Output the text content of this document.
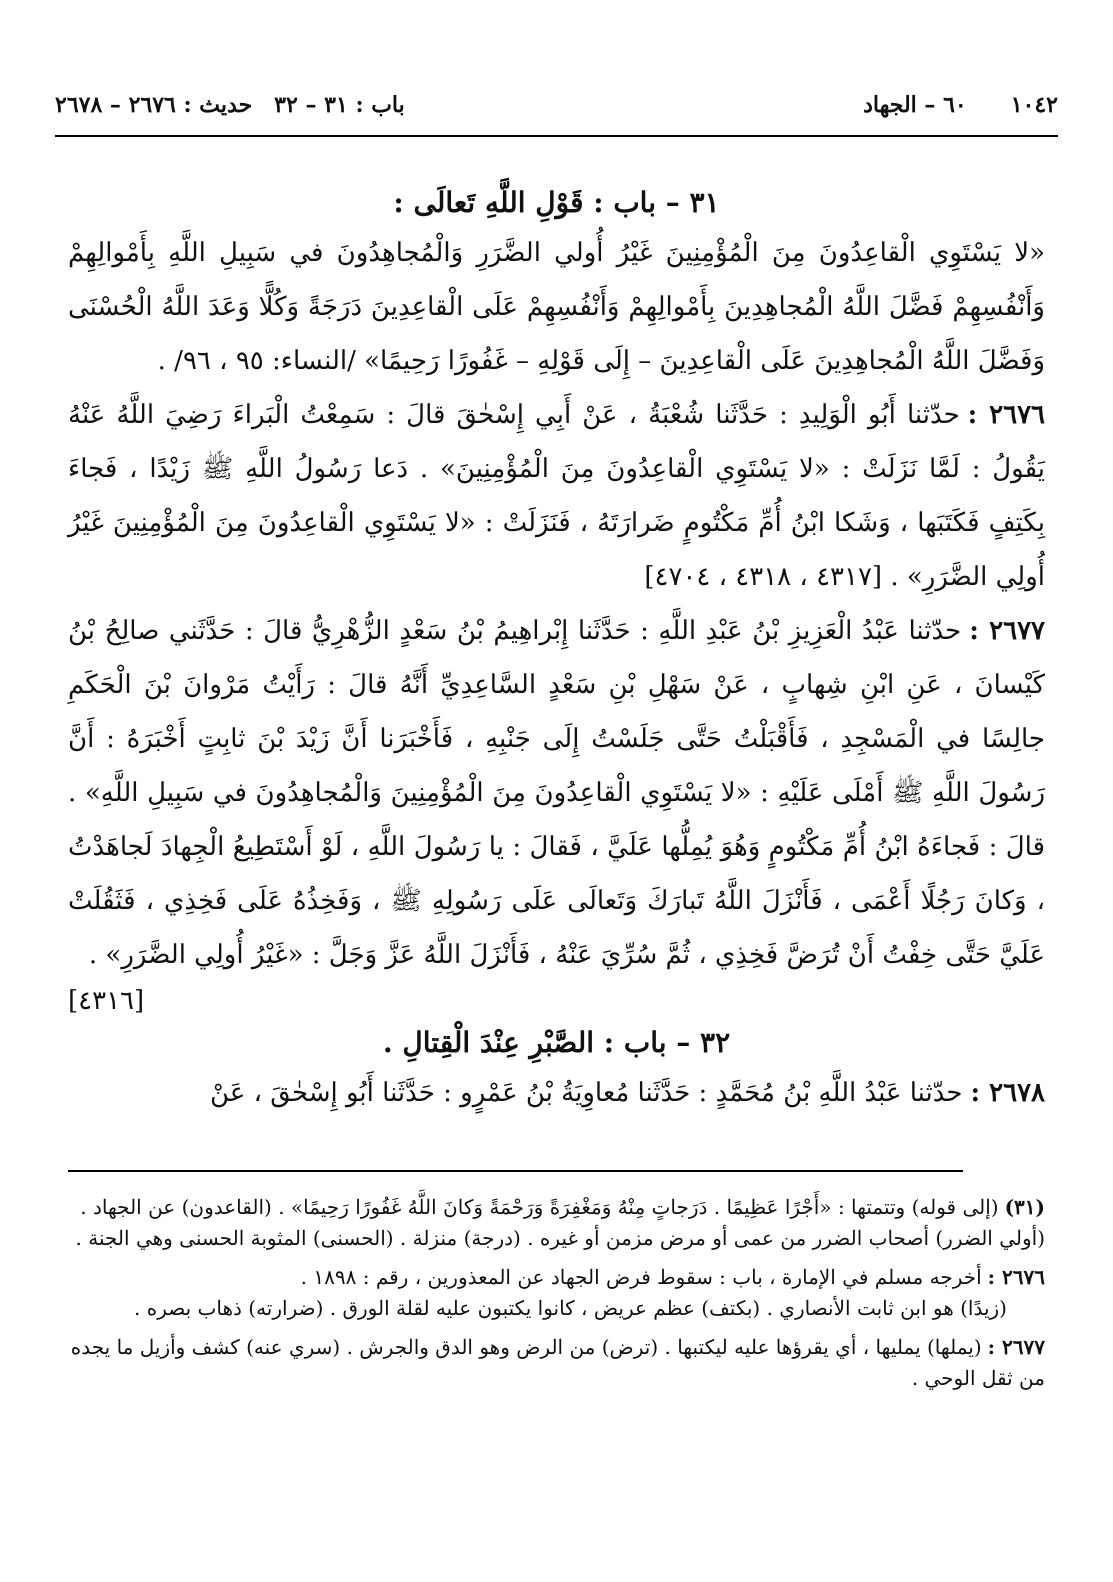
١٠٤٢
٦٠ – الجهاد
باب : ٣١ – ٣٢
حديث : ٢٦٧٦ – ٢٦٧٨
٣١ – باب : قَوْلِ اللَّهِ تَعالَى :
«لا يَسْتَوِي الْقاعِدُونَ مِنَ الْمُؤْمِنِينَ غَيْرُ أُولي الضَّرَرِ وَالْمُجاهِدُونَ في سَبِيلِ اللَّهِ بِأَمْوالِهِمْ وَأَنْفُسِهِمْ فَضَّلَ اللَّهُ الْمُجاهِدِينَ بِأَمْوالِهِمْ وَأَنْفُسِهِمْ عَلَى الْقاعِدِينَ دَرَجَةً وَكُلًّا وَعَدَ اللَّهُ الْحُسْنَى وَفَضَّلَ اللَّهُ الْمُجاهِدِينَ عَلَى الْقاعِدِينَ – إِلَى قَوْلِهِ – غَفُورًا رَحِيمًا» /النساء: ٩٥ ، ٩٦/ .
٢٦٧٦ :حدّثنا أَبُو الْوَلِيدِ : حَدَّثَنا شُعْبَةُ ، عَنْ أَبِي إِسْحٰقَ قالَ : سَمِعْتُ الْبَراءَ رَضِيَ اللَّهُ عَنْهُ يَقُولُ : لَمَّا نَزَلَتْ : «لا يَسْتَوِي الْقاعِدُونَ مِنَ الْمُؤْمِنِينَ» . دَعا رَسُولُ اللَّهِ ﷺ زَيْدًا ، فَجاءَ بِكَتِفٍ فَكَتَبَها ، وَشَكا ابْنُ أُمِّ مَكْتُومٍ ضَرارَتَهُ ، فَنَزَلَتْ : «لا يَسْتَوِي الْقاعِدُونَ مِنَ الْمُؤْمِنِينَ غَيْرُ أُولِي الضَّرَرِ» . [٤٣١٧ ، ٤٣١٨ ، ٤٧٠٤]
٢٦٧٧ :حدّثنا عَبْدُ الْعَزِيزِ بْنُ عَبْدِ اللَّهِ : حَدَّثَنا إِبْراهِيمُ بْنُ سَعْدٍ الزُّهْرِيُّ قالَ : حَدَّثَني صالِحُ بْنُ كَيْسانَ ، عَنِ ابْنِ شِهابٍ ، عَنْ سَهْلِ بْنِ سَعْدٍ السَّاعِدِيِّ أَنَّهُ قالَ : رَأَيْتُ مَرْوانَ بْنَ الْحَكَمِ جالِسًا في الْمَسْجِدِ ، فَأَقْبَلْتُ حَتَّى جَلَسْتُ إِلَى جَنْبِهِ ، فَأَخْبَرَنا أَنَّ زَيْدَ بْنَ ثابِتٍ أَخْبَرَهُ : أَنَّ رَسُولَ اللَّهِ ﷺ أَمْلَى عَلَيْهِ : «لا يَسْتَوِي الْقاعِدُونَ مِنَ الْمُؤْمِنِينَ وَالْمُجاهِدُونَ في سَبِيلِ اللَّهِ» . قالَ : فَجاءَهُ ابْنُ أُمِّ مَكْتُومٍ وَهُوَ يُمِلُّها عَلَيَّ ، فَقالَ : يا رَسُولَ اللَّهِ ، لَوْ أَسْتَطِيعُ الْجِهادَ لَجاهَدْتُ ، وَكانَ رَجُلًا أَعْمَى ، فَأَنْزَلَ اللَّهُ تَبارَكَ وَتَعالَى عَلَى رَسُولِهِ ﷺ ، وَفَخِذُهُ عَلَى فَخِذِي ، فَثَقُلَتْ عَلَيَّ حَتَّى خِفْتُ أَنْ تُرَضَّ فَخِذِي ، ثُمَّ سُرِّيَ عَنْهُ ، فَأَنْزَلَ اللَّهُ عَزَّ وَجَلَّ : «غَيْرُ أُولِي الضَّرَرِ» .
[٤٣١٦]
٣٢ – باب : الصَّبْرِ عِنْدَ الْقِتالِ .
٢٦٧٨ :حدّثنا عَبْدُ اللَّهِ بْنُ مُحَمَّدٍ : حَدَّثَنا مُعاوِيَةُ بْنُ عَمْرٍو : حَدَّثَنا أَبُو إِسْحٰقَ ، عَنْ
(٣١)(إلى قوله) وتتمتها : «أَجْرًا عَظِيمًا . دَرَجاتٍ مِنْهُ وَمَغْفِرَةً وَرَحْمَةً وَكانَ اللَّهُ غَفُورًا رَحِيمًا» . (القاعدون) عن الجهاد . (أولي الضرر) أصحاب الضرر من عمى أو مرض مزمن أو غيره . (درجة) منزلة . (الحسنى) المثوبة الحسنى وهي الجنة .
٢٦٧٦ :أخرجه مسلم في الإمارة ، باب : سقوط فرض الجهاد عن المعذورين ، رقم : ١٨٩٨ .
(زيدًا) هو ابن ثابت الأنصاري . (بكتف) عظم عريض ، كانوا يكتبون عليه لقلة الورق . (ضرارته) ذهاب بصره .
٢٦٧٧ :(يملها) يمليها ، أي يقرؤها عليه ليكتبها . (ترض) من الرض وهو الدق والجرش . (سري عنه) كشف وأزيل ما يجده من ثقل الوحي .
